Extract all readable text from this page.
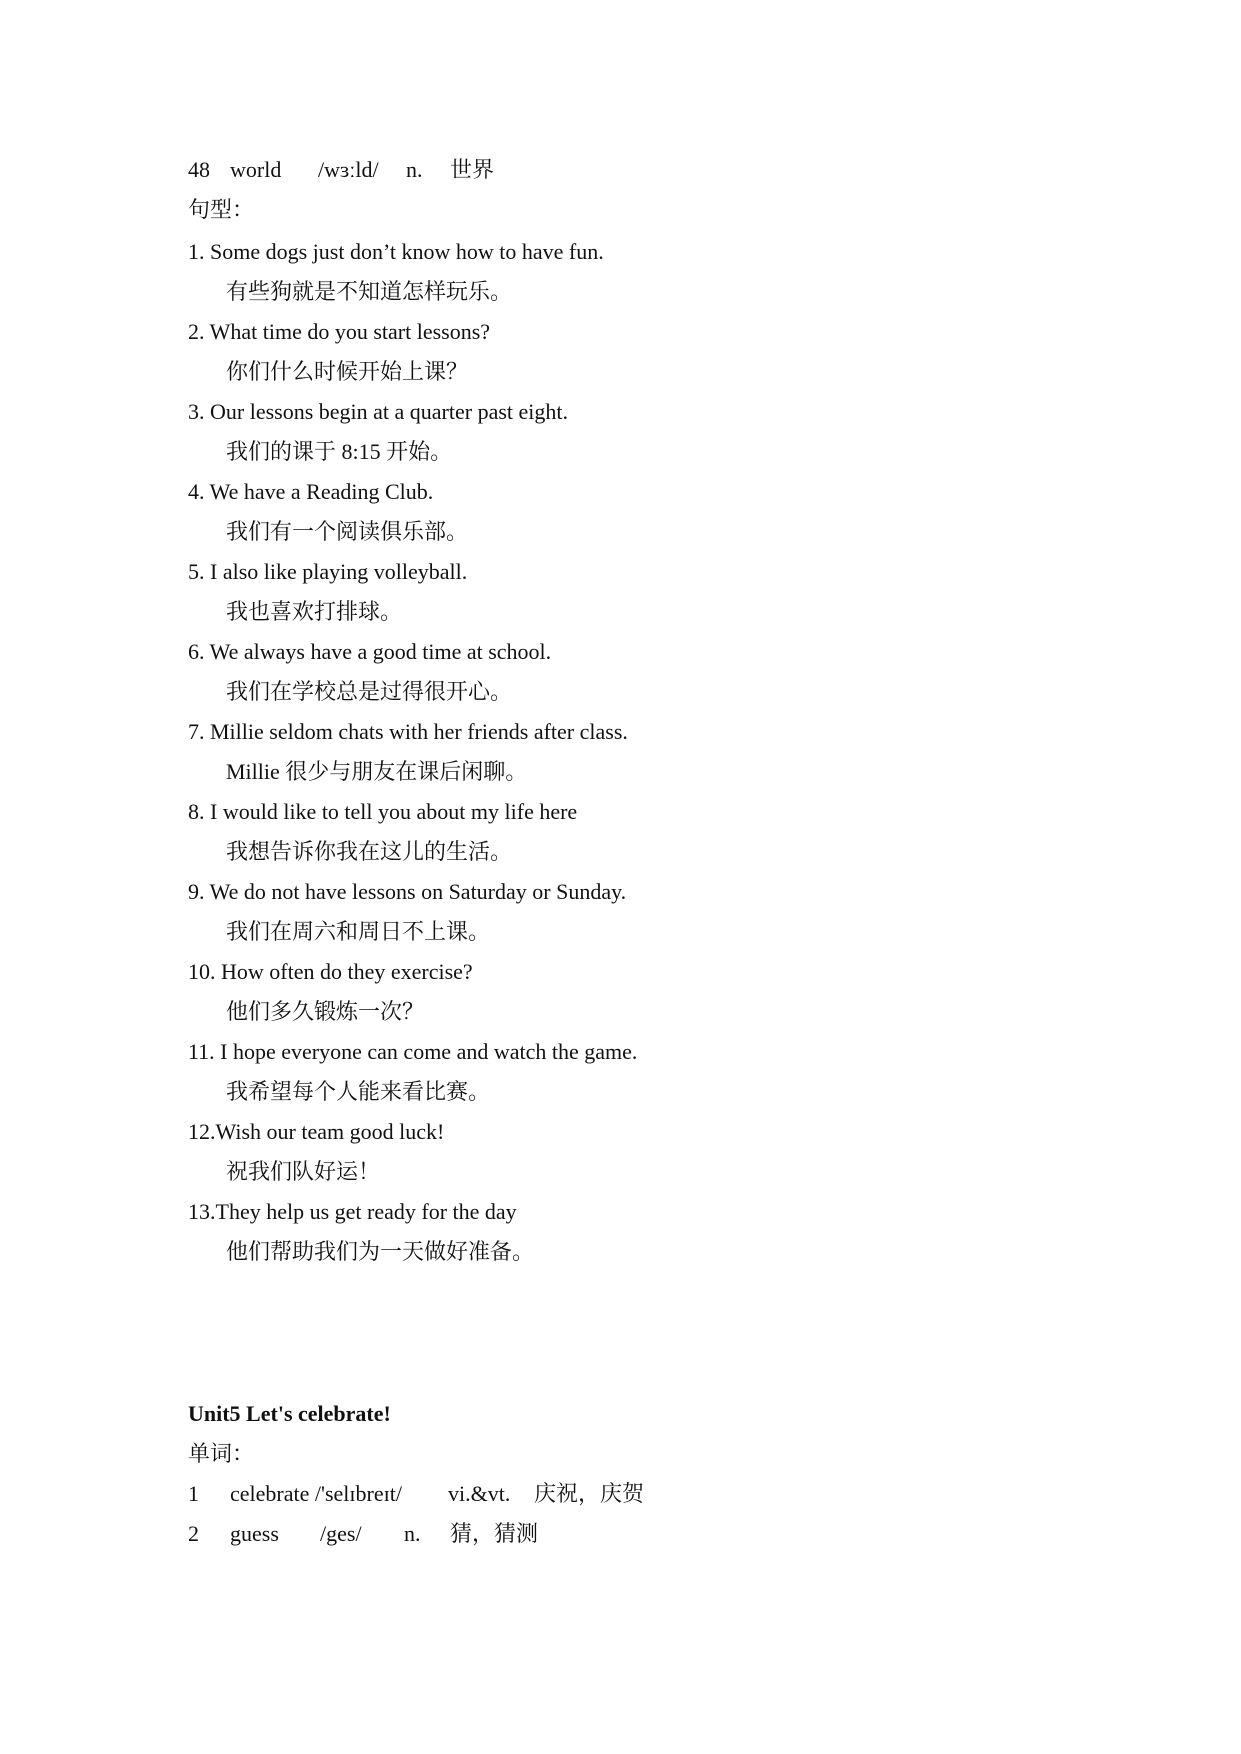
48 world /wɜːld/ n. 世界
句型：
1. Some dogs just don’t know how to have fun.
有些狗就是不知道怎样玩乐。
2. What time do you start lessons?
你们什么时候开始上课？
3. Our lessons begin at a quarter past eight.
我们的课于 8:15 开始。
4. We have a Reading Club.
我们有一个阅读俱乐部。
5. I also like playing volleyball.
我也喜欢打排球。
6. We always have a good time at school.
我们在学校总是过得很开心。
7. Millie seldom chats with her friends after class.
Millie 很少与朋友在课后闲聊。
8. I would like to tell you about my life here
我想告诉你我在这儿的生活。
9. We do not have lessons on Saturday or Sunday.
我们在周六和周日不上课。
10. How often do they exercise?
他们多久锻炼一次？
11. I hope everyone can come and watch the game.
我希望每个人能来看比赛。
12.Wish our team good luck!
祝我们队好运！
13.They help us get ready for the day
他们帮助我们为一天做好准备。
Unit5 Let's celebrate!
单词：
1 celebrate /'selɪbreɪt/ vi.&vt. 庆祝，庆贺
2 guess /ges/ n. 猜，猜测
